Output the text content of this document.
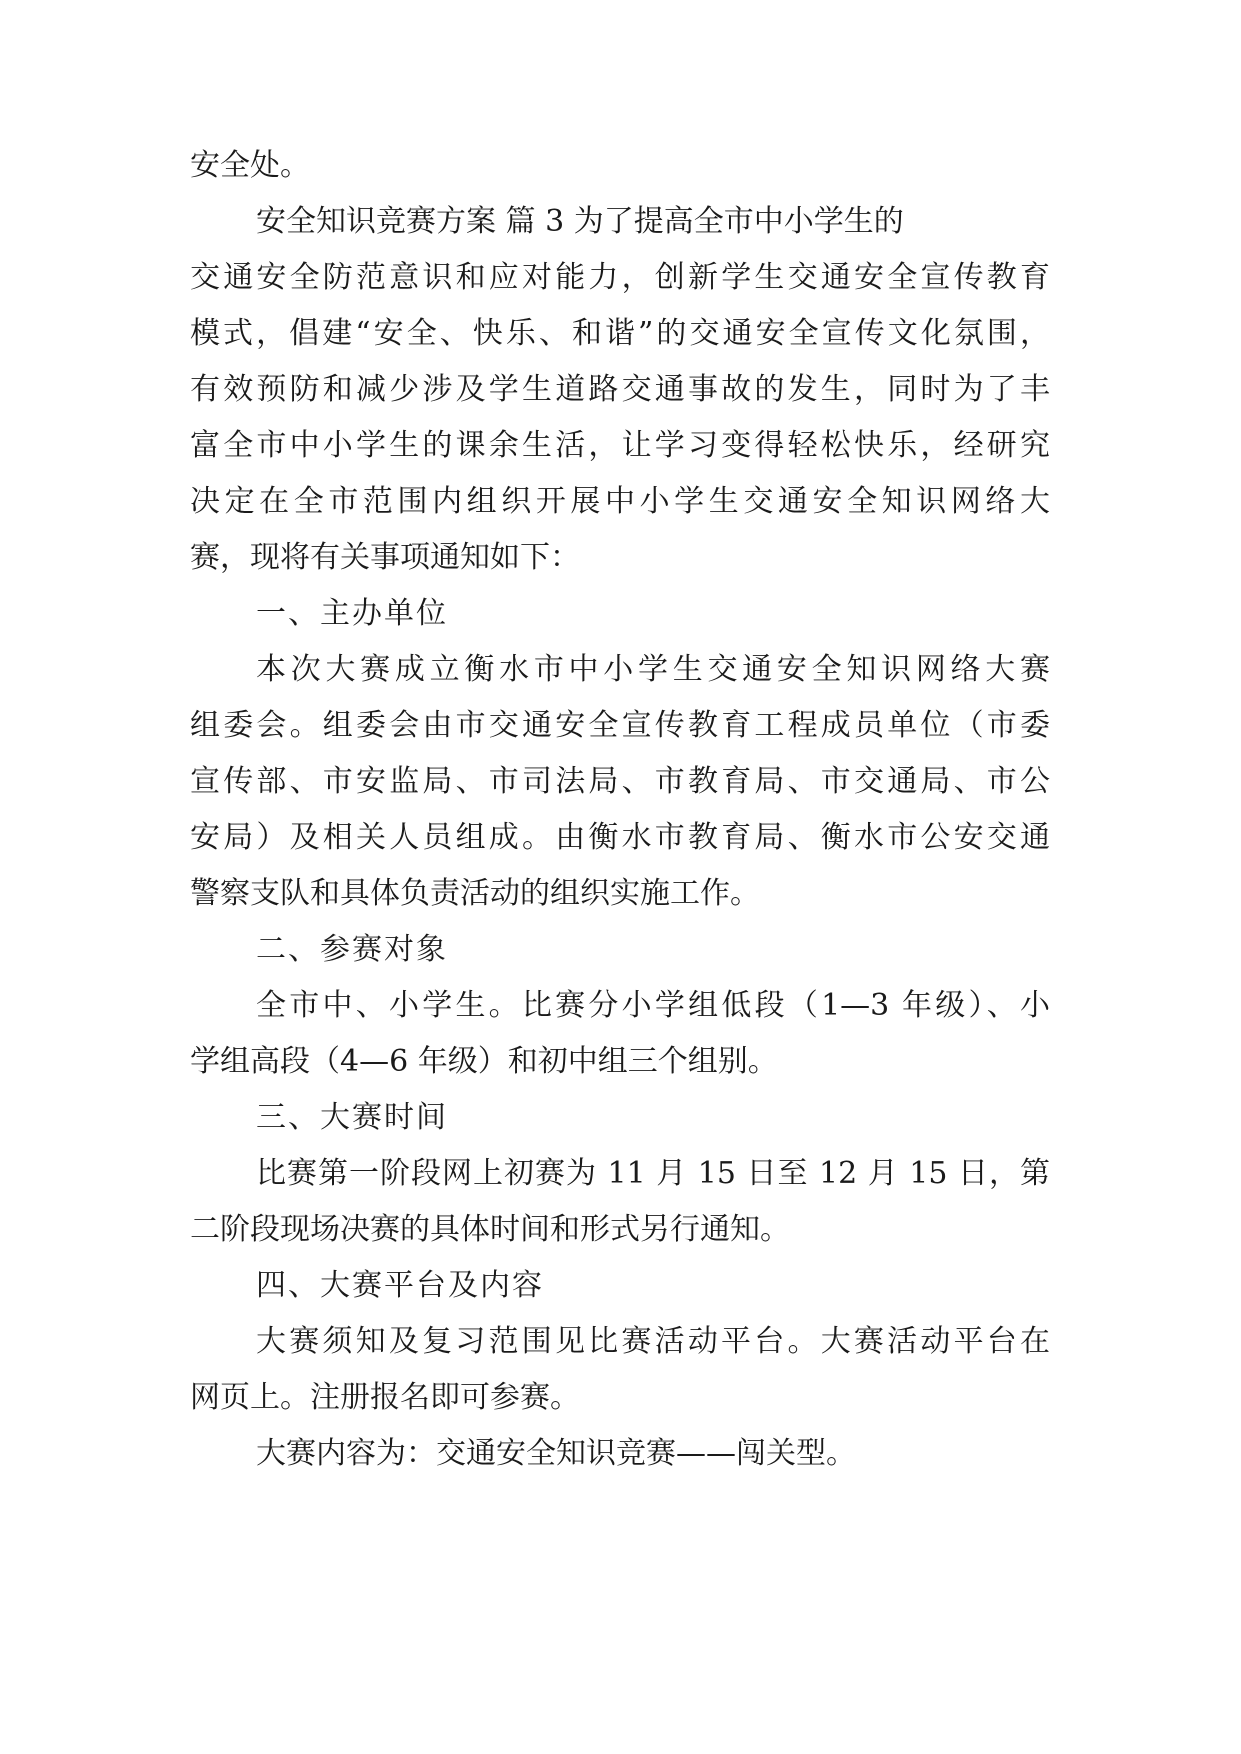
安全处。

安全知识竞赛方案 篇 3 为了提高全市中小学生的

交通安全防范意识和应对能力，创新学生交通安全宣传教育

模式，倡建“安全、快乐、和谐”的交通安全宣传文化氛围，

有效预防和减少涉及学生道路交通事故的发生，同时为了丰

富全市中小学生的课余生活，让学习变得轻松快乐，经研究

决定在全市范围内组织开展中小学生交通安全知识网络大

赛，现将有关事项通知如下：

一、主办单位

本次大赛成立衡水市中小学生交通安全知识网络大赛

组委会。组委会由市交通安全宣传教育工程成员单位（市委

宣传部、市安监局、市司法局、市教育局、市交通局、市公

安局）及相关人员组成。由衡水市教育局、衡水市公安交通

警察支队和具体负责活动的组织实施工作。

二、参赛对象

全市中、小学生。比赛分小学组低段（1—3 年级）、小

学组高段（4—6 年级）和初中组三个组别。

三、大赛时间

比赛第一阶段网上初赛为 11 月 15 日至 12 月 15 日，第

二阶段现场决赛的具体时间和形式另行通知。

四、大赛平台及内容

大赛须知及复习范围见比赛活动平台。大赛活动平台在

网页上。注册报名即可参赛。

大赛内容为：交通安全知识竞赛——闯关型。
